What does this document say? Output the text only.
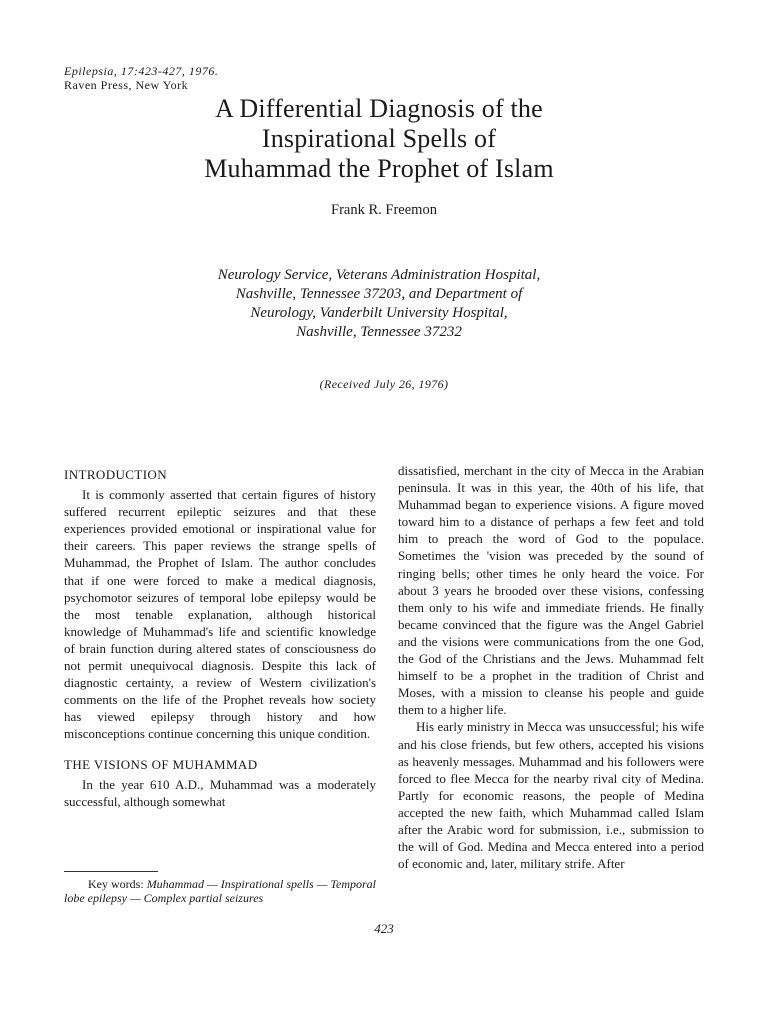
Epilepsia, 17:423-427, 1976.
Raven Press, New York
A Differential Diagnosis of the
Inspirational Spells of
Muhammad the Prophet of Islam
Frank R. Freemon
Neurology Service, Veterans Administration Hospital,
Nashville, Tennessee 37203, and Department of
Neurology, Vanderbilt University Hospital,
Nashville, Tennessee 37232
(Received July 26, 1976)
INTRODUCTION

It is commonly asserted that certain figures of history suffered recurrent epileptic seizures and that these experiences provided emotional or inspirational value for their careers. This paper reviews the strange spells of Muhammad, the Prophet of Islam. The author concludes that if one were forced to make a medical diagnosis, psychomotor seizures of temporal lobe epilepsy would be the most tenable explanation, although historical knowledge of Muhammad's life and scientific knowledge of brain function during altered states of consciousness do not permit unequivocal diagnosis. Despite this lack of diagnostic certainty, a review of Western civilization's comments on the life of the Prophet reveals how society has viewed epilepsy through history and how misconceptions continue concerning this unique condition.

THE VISIONS OF MUHAMMAD

In the year 610 A.D., Muhammad was a moderately successful, although somewhat

dissatisfied, merchant in the city of Mecca in the Arabian peninsula. It was in this year, the 40th of his life, that Muhammad began to experience visions. A figure moved toward him to a distance of perhaps a few feet and told him to preach the word of God to the populace. Sometimes the 'vision was preceded by the sound of ringing bells; other times he only heard the voice. For about 3 years he brooded over these visions, confessing them only to his wife and immediate friends. He finally became convinced that the figure was the Angel Gabriel and the visions were communications from the one God, the God of the Christians and the Jews. Muhammad felt himself to be a prophet in the tradition of Christ and Moses, with a mission to cleanse his people and guide them to a higher life.

His early ministry in Mecca was unsuccessful; his wife and his close friends, but few others, accepted his visions as heavenly messages. Muhammad and his followers were forced to flee Mecca for the nearby rival city of Medina. Partly for economic reasons, the people of Medina accepted the new faith, which Muhammad called Islam after the Arabic word for submission, i.e., submission to the will of God. Medina and Mecca entered into a period of economic and, later, military strife. After

Key words: Muhammad — Inspirational spells — Temporal lobe epilepsy — Complex partial seizures
423
